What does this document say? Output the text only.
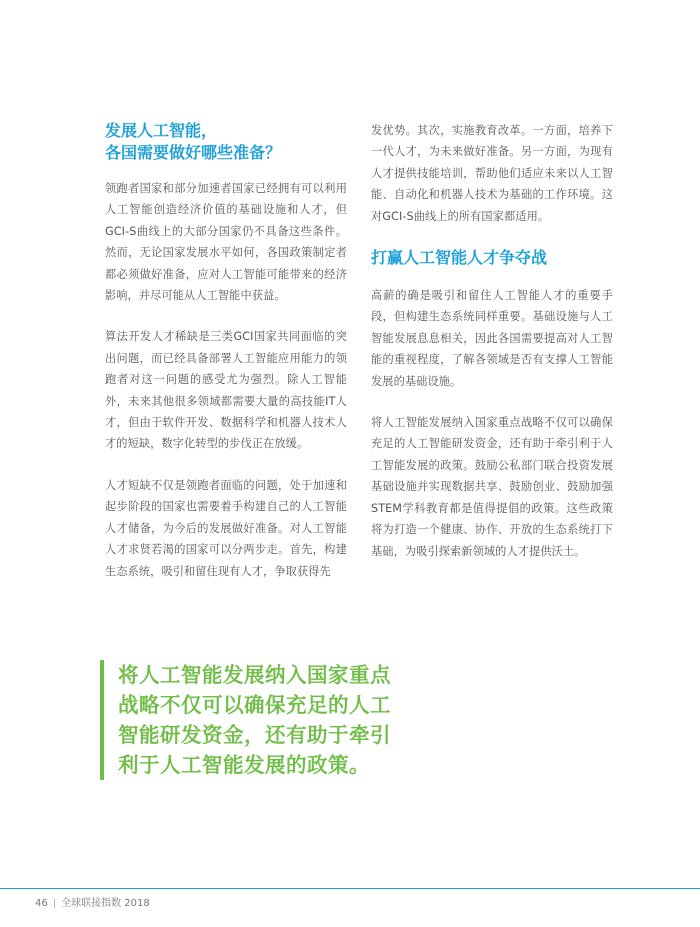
发展人工智能，
各国需要做好哪些准备？

领跑者国家和部分加速者国家已经拥有可以利用人工智能创造经济价值的基础设施和人才，但GCI-S曲线上的大部分国家仍不具备这些条件。然而，无论国家发展水平如何，各国政策制定者都必须做好准备，应对人工智能可能带来的经济影响，并尽可能从人工智能中获益。

算法开发人才稀缺是三类GCI国家共同面临的突出问题，而已经具备部署人工智能应用能力的领跑者对这一问题的感受尤为强烈。除人工智能外，未来其他很多领域都需要大量的高技能IT人才，但由于软件开发、数据科学和机器人技术人才的短缺，数字化转型的步伐正在放缓。

人才短缺不仅是领跑者面临的问题，处于加速和起步阶段的国家也需要着手构建自己的人工智能人才储备，为今后的发展做好准备。对人工智能人才求贤若渴的国家可以分两步走。首先，构建生态系统，吸引和留住现有人才，争取获得先

发优势。其次，实施教育改革。一方面，培养下一代人才，为未来做好准备。另一方面，为现有人才提供技能培训，帮助他们适应未来以人工智能、自动化和机器人技术为基础的工作环境。这对GCI-S曲线上的所有国家都适用。

打赢人工智能人才争夺战

高薪的确是吸引和留住人工智能人才的重要手段，但构建生态系统同样重要。基础设施与人工智能发展息息相关，因此各国需要提高对人工智能的重视程度，了解各领域是否有支撑人工智能发展的基础设施。

将人工智能发展纳入国家重点战略不仅可以确保充足的人工智能研发资金，还有助于牵引利于人工智能发展的政策。鼓励公私部门联合投资发展基础设施并实现数据共享、鼓励创业、鼓励加强STEM学科教育都是值得提倡的政策。这些政策将为打造一个健康、协作、开放的生态系统打下基础，为吸引探索新领域的人才提供沃土。

将人工智能发展纳入国家重点

战略不仅可以确保充足的人工

智能研发资金，还有助于牵引

利于人工智能发展的政策。

46 | 全球联接指数 2018
